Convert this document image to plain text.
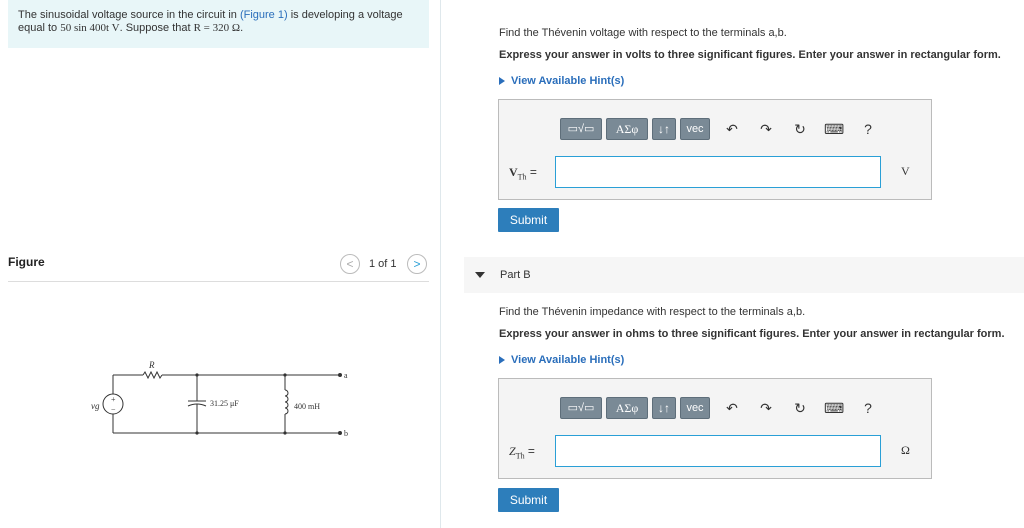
The sinusoidal voltage source in the circuit in (Figure 1) is developing a voltage equal to 50 sin 400t V. Suppose that R = 320 Ω.
Figure	<	1 of 1	>
vg
+
−
R
31.25 μF	400 mH
a
b
Find the Thévenin voltage with respect to the terminals a,b.
Express your answer in volts to three significant figures. Enter your answer in rectangular form.
View Available Hint(s)
▭√▭	ΑΣφ	↓↑	vec	↶ ↷ ↻ ⌨	?
$V_{Th}$ =	V
Submit
Part B
Find the Thévenin impedance with respect to the terminals a,b.
Express your answer in ohms to three significant figures. Enter your answer in rectangular form.
View Available Hint(s)
▭√▭	ΑΣφ	↓↑	vec	↶ ↷ ↻ ⌨	?
$Z_{Th}$ =	Ω
Submit
